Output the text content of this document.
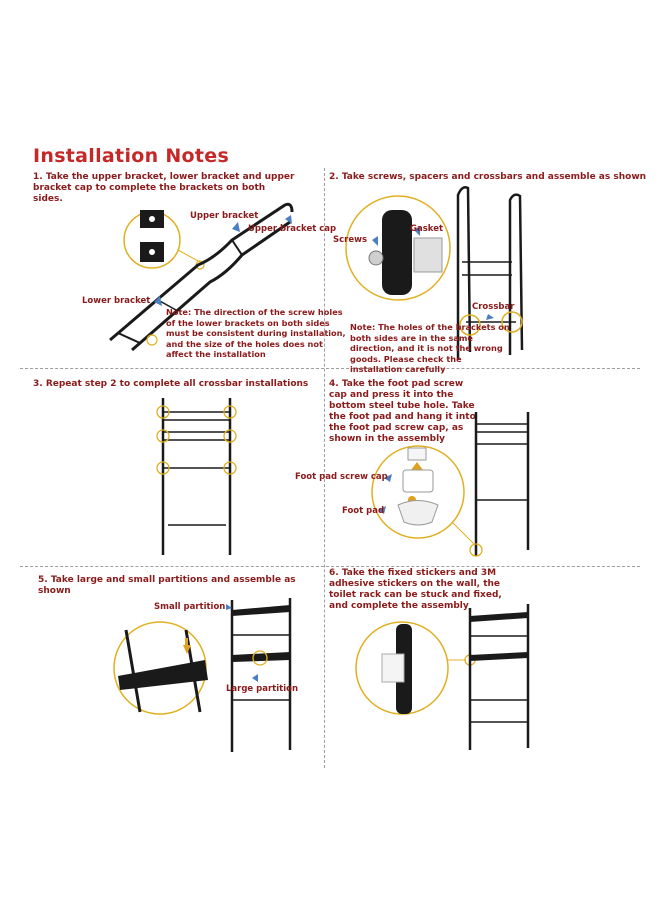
Installation Notes
1. Take the upper bracket, lower bracket and upper bracket cap to complete the brackets on both sides.
Upper bracket
Upper bracket cap
Lower bracket
Note: The direction of the screw holes of the lower brackets on both sides must be consistent during installation, and the size of the holes does not affect the installation
2. Take screws, spacers and crossbars and assemble as shown
Screws
Gasket
Crossbar
Note: The holes of the brackets on both sides are in the same direction, and it is not the wrong goods. Please check the installation carefully
3. Repeat step 2 to complete all crossbar installations	4. Take the foot pad screw cap and press it into the bottom steel tube hole. Take the foot pad and hang it into the foot pad screw cap, as shown in the assembly
Foot pad screw cap
Foot pad
5. Take large and small partitions and assemble as shown
Small partition
Large partition
6. Take the fixed stickers and 3M adhesive stickers on the wall, the toilet rack can be stuck and fixed, and complete the assembly
